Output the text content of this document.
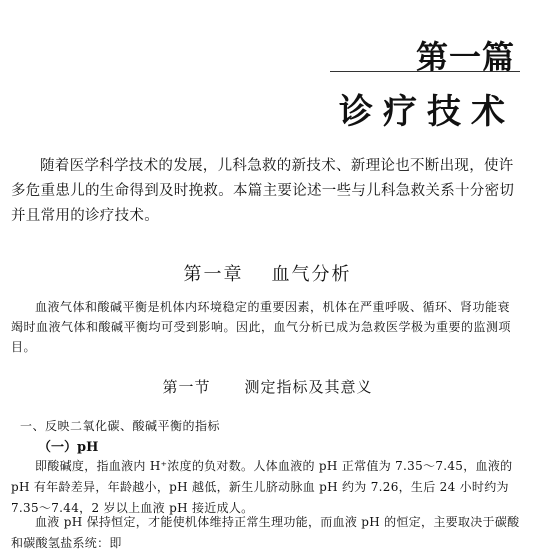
第一篇
诊疗技术

随着医学科学技术的发展，儿科急救的新技术、新理论也不断出现，使许多危重患儿的生命得到及时挽救。本篇主要论述一些与儿科急救关系十分密切并且常用的诊疗技术。

第一章 血气分析

血液气体和酸碱平衡是机体内环境稳定的重要因素，机体在严重呼吸、循环、肾功能衰竭时血液气体和酸碱平衡均可受到影响。因此，血气分析已成为急救医学极为重要的监测项目。

第一节 测定指标及其意义
一、反映二氧化碳、酸碱平衡的指标
（一）pH

即酸碱度，指血液内 H⁺浓度的负对数。人体血液的 pH 正常值为 7.35～7.45，血液的 pH 有年龄差异，年龄越小，pH 越低，新生儿脐动脉血 pH 约为 7.26，生后 24 小时约为 7.35～7.44，2 岁以上血液 pH 接近成人。

血液 pH 保持恒定，才能使机体维持正常生理功能，而血液 pH 的恒定，主要取决于碳酸和碳酸氢盐系统：即
